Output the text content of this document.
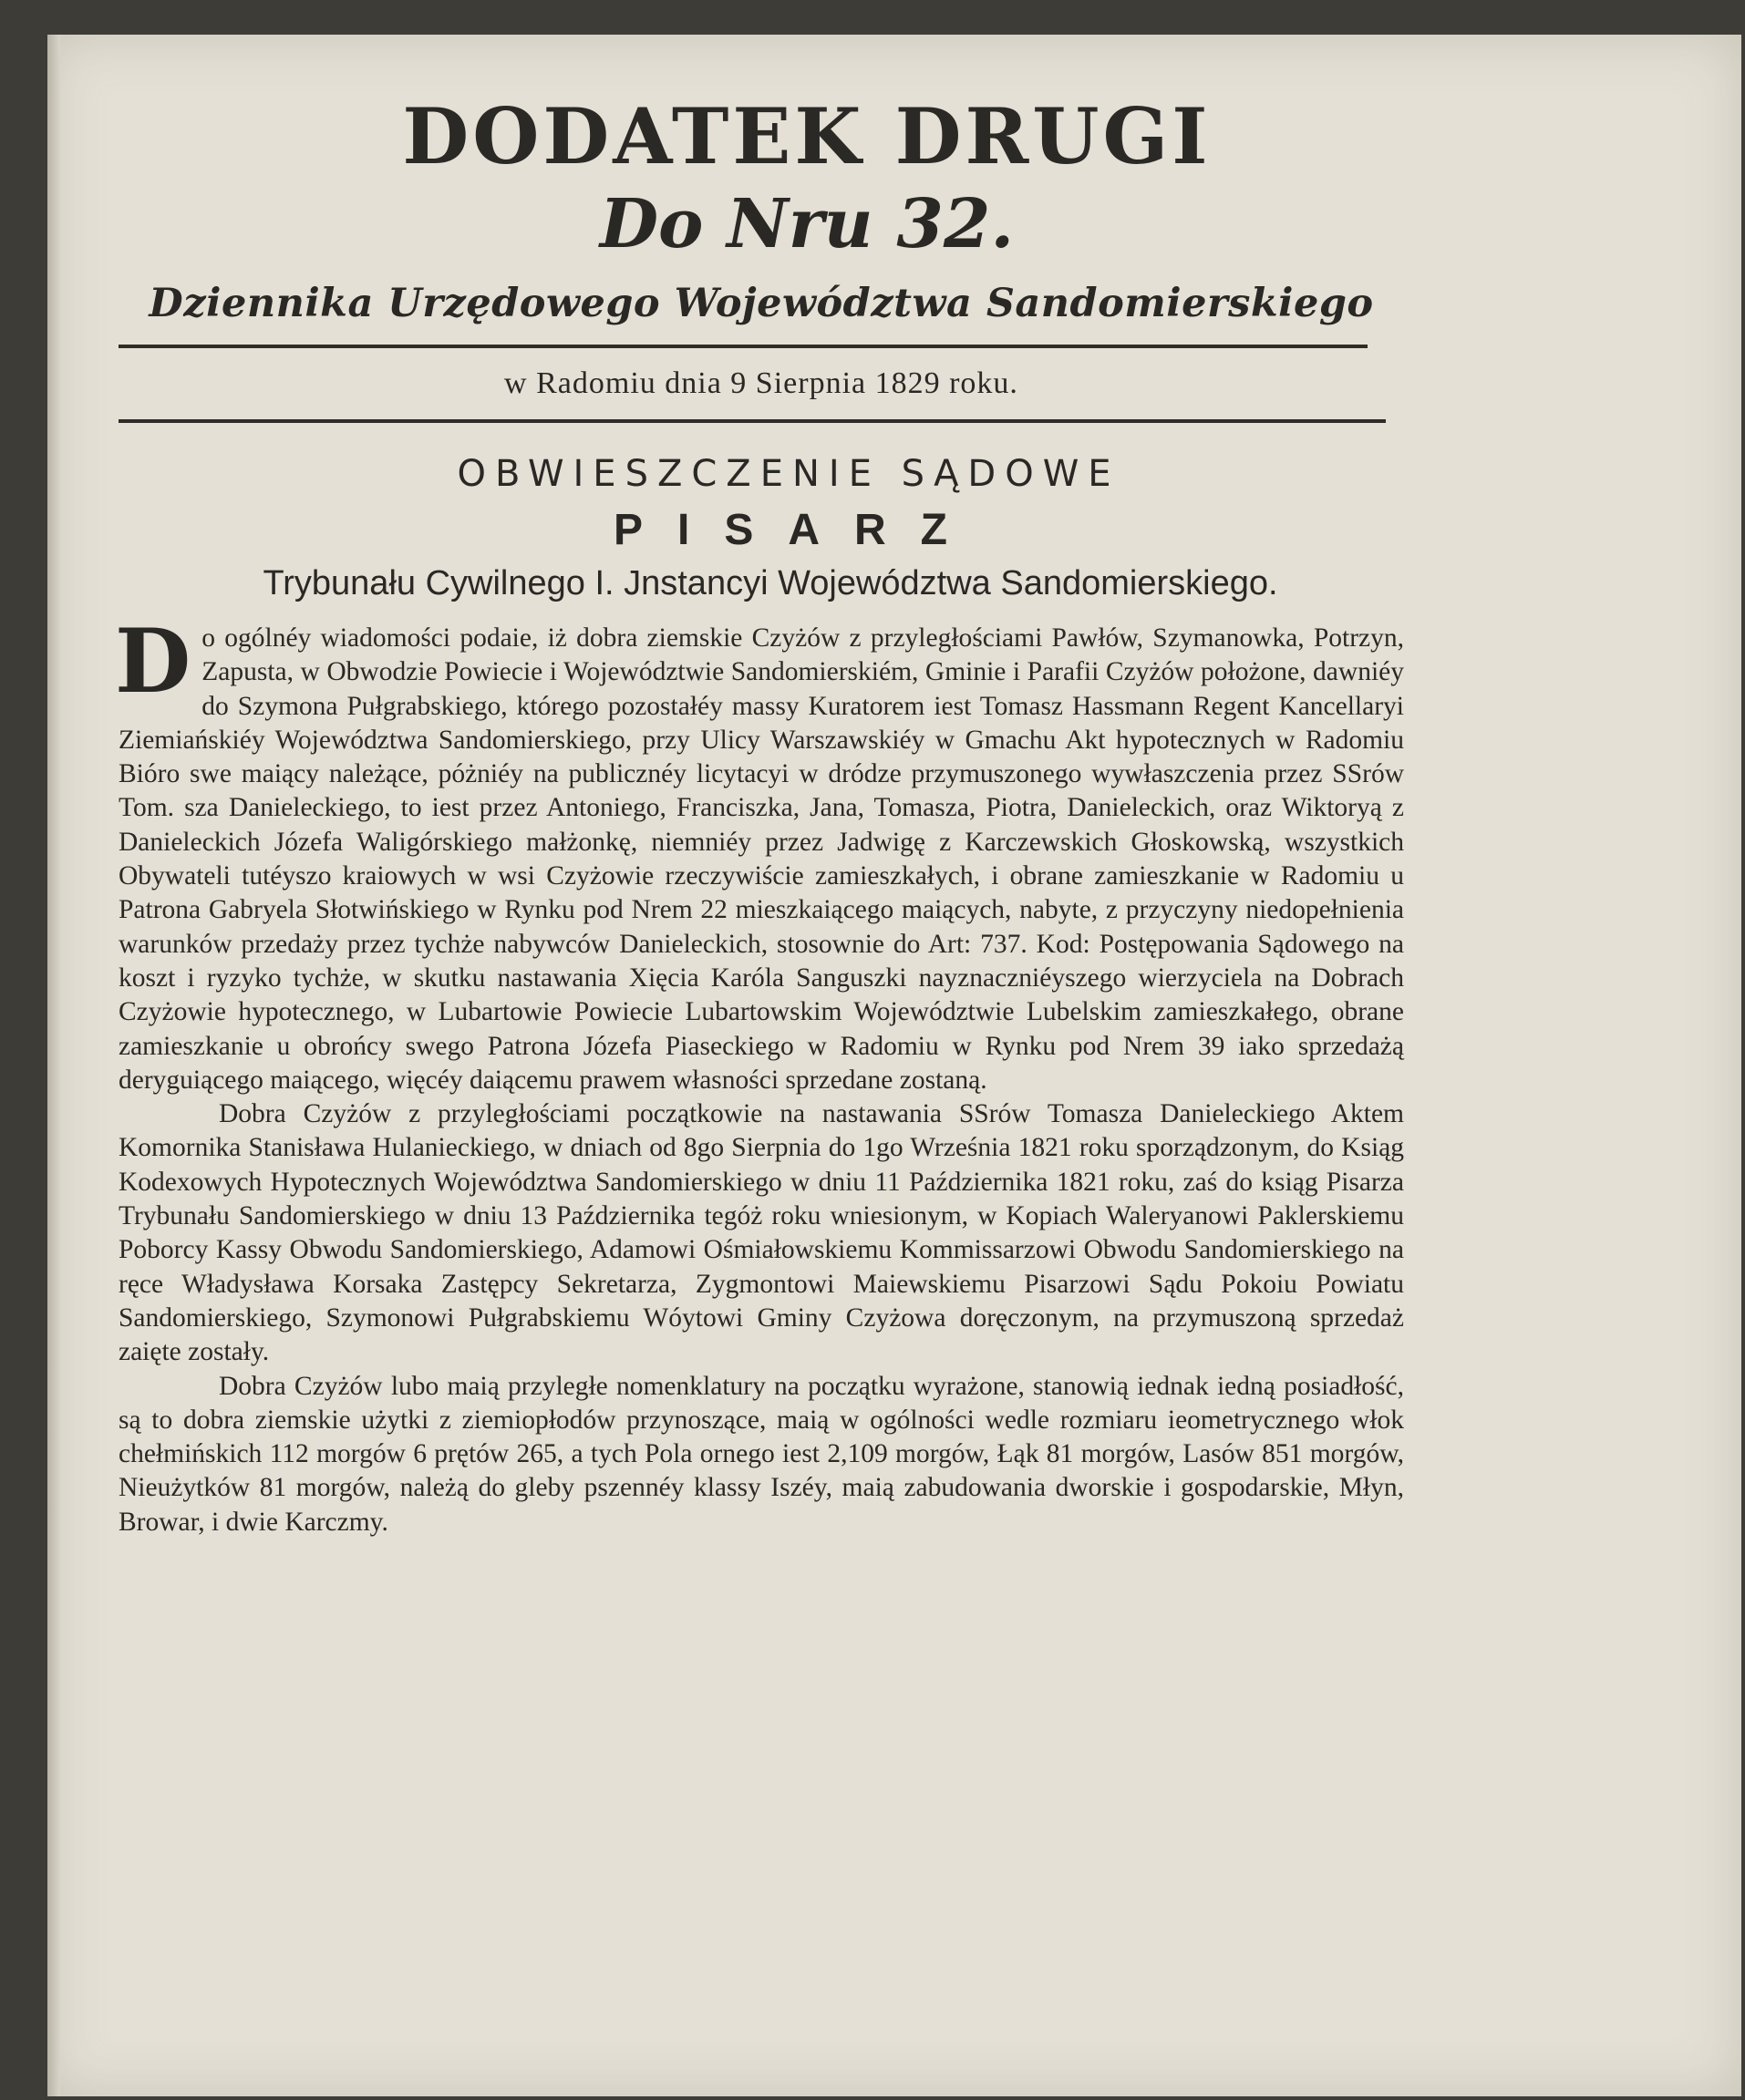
DODATEK DRUGI
Do Nru 32.
Dziennika Urzędowego Województwa Sandomierskiego
w Radomiu dnia 9 Sierpnia 1829 roku.
OBWIESZCZENIE SĄDOWE
PISARZ
Trybunału Cywilnego I. Jnstancyi Województwa Sandomierskiego.

Do ogólnéy wiadomości podaie, iż dobra ziemskie Czyżów z przyległościami Pawłów, Szymanowka, Potrzyn, Zapusta, w Obwodzie Powiecie i Województwie Sandomierskiém, Gminie i Parafii Czyżów położone, dawniéy do Szymona Pułgrabskiego, którego pozostałéy massy Kuratorem iest Tomasz Hassmann Regent Kancellaryi Ziemiańskiéy Województwa Sandomierskiego, przy Ulicy Warszawskiéy w Gmachu Akt hypotecznych w Radomiu Bióro swe maiący należące, póżniéy na publicznéy licytacyi w dródze przymuszonego wywłaszczenia przez SSrów Tom. sza Danieleckiego, to iest przez Antoniego, Franciszka, Jana, Tomasza, Piotra, Danieleckich, oraz Wiktoryą z Danieleckich Józefa Waligórskiego małżonkę, niemniéy przez Jadwigę z Karczewskich Głoskowską, wszystkich Obywateli tutéyszo kraiowych w wsi Czyżowie rzeczywiście zamieszkałych, i obrane zamieszkanie w Radomiu u Patrona Gabryela Słotwińskiego w Rynku pod Nrem 22 mieszkaiącego maiących, nabyte, z przyczyny niedopełnienia warunków przedaży przez tychże nabywców Danieleckich, stosownie do Art: 737. Kod: Postępowania Sądowego na koszt i ryzyko tychże, w skutku nastawania Xięcia Karóla Sanguszki nayznaczniéyszego wierzyciela na Dobrach Czyżowie hypotecznego, w Lubartowie Powiecie Lubartowskim Województwie Lubelskim zamieszkałego, obrane zamieszkanie u obrońcy swego Patrona Józefa Piaseckiego w Radomiu w Rynku pod Nrem 39 iako sprzedażą deryguiącego maiącego, więcéy daiącemu prawem własności sprzedane zostaną.

Dobra Czyżów z przyległościami początkowie na nastawania SSrów Tomasza Danieleckiego Aktem Komornika Stanisława Hulanieckiego, w dniach od 8go Sierpnia do 1go Września 1821 roku sporządzonym, do Ksiąg Kodexowych Hypotecznych Województwa Sandomierskiego w dniu 11 Października 1821 roku, zaś do ksiąg Pisarza Trybunału Sandomierskiego w dniu 13 Października tegóż roku wniesionym, w Kopiach Waleryanowi Paklerskiemu Poborcy Kassy Obwodu Sandomierskiego, Adamowi Ośmiałowskiemu Kommissarzowi Obwodu Sandomierskiego na ręce Władysława Korsaka Zastępcy Sekretarza, Zygmontowi Maiewskiemu Pisarzowi Sądu Pokoiu Powiatu Sandomierskiego, Szymonowi Pułgrabskiemu Wóytowi Gminy Czyżowa doręczonym, na przymuszoną sprzedaż zaięte zostały.

Dobra Czyżów lubo maią przyległe nomenklatury na początku wyrażone, stanowią iednak iedną posiadłość, są to dobra ziemskie użytki z ziemiopłodów przynoszące, maią w ogólności wedle rozmiaru ieometrycznego włok chełmińskich 112 morgów 6 prętów 265, a tych Pola ornego iest 2,109 morgów, Łąk 81 morgów, Lasów 851 morgów, Nieużytków 81 morgów, należą do gleby pszennéy klassy Iszéy, maią zabudowania dworskie i gospodarskie, Młyn, Browar, i dwie Karczmy.
